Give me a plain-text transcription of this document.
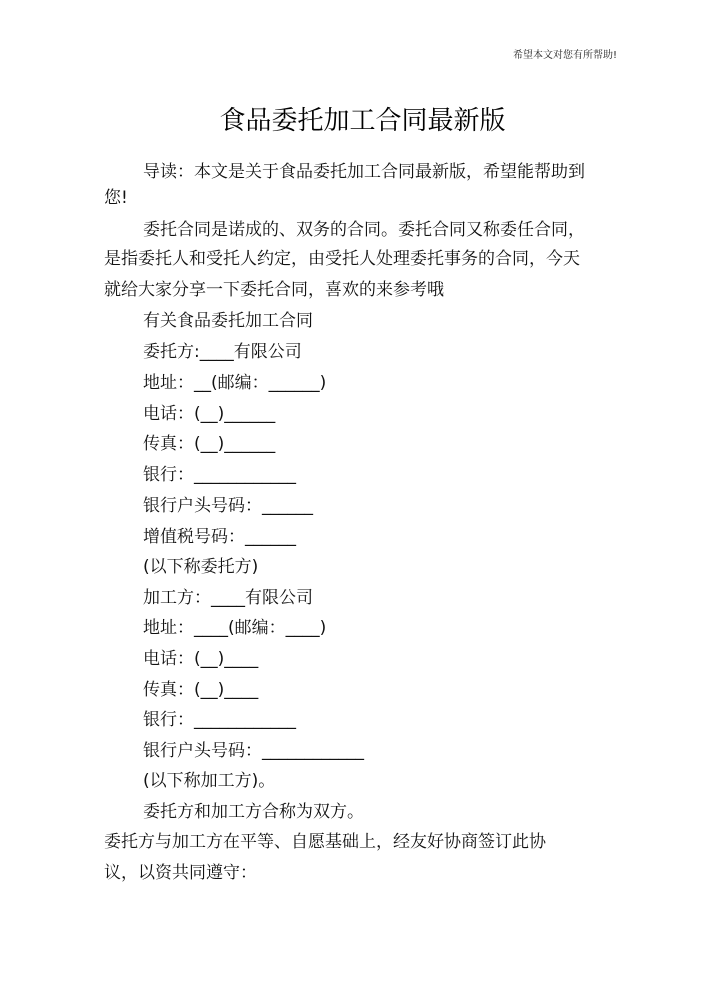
希望本文对您有所帮助!
食品委托加工合同最新版
导读：本文是关于食品委托加工合同最新版，希望能帮助到
您!
委托合同是诺成的、双务的合同。委托合同又称委任合同，
是指委托人和受托人约定，由受托人处理委托事务的合同，今天
就给大家分享一下委托合同，喜欢的来参考哦
有关食品委托加工合同
委托方:____有限公司
地址：__(邮编：______)
电话：(__)______
传真：(__)______
银行：____________
银行户头号码：______
增值税号码：______
(以下称委托方)
加工方：____有限公司
地址：____(邮编：____)
电话：(__)____
传真：(__)____
银行：____________
银行户头号码：____________
(以下称加工方)。
委托方和加工方合称为双方。
委托方与加工方在平等、自愿基础上，经友好协商签订此协
议，以资共同遵守：
